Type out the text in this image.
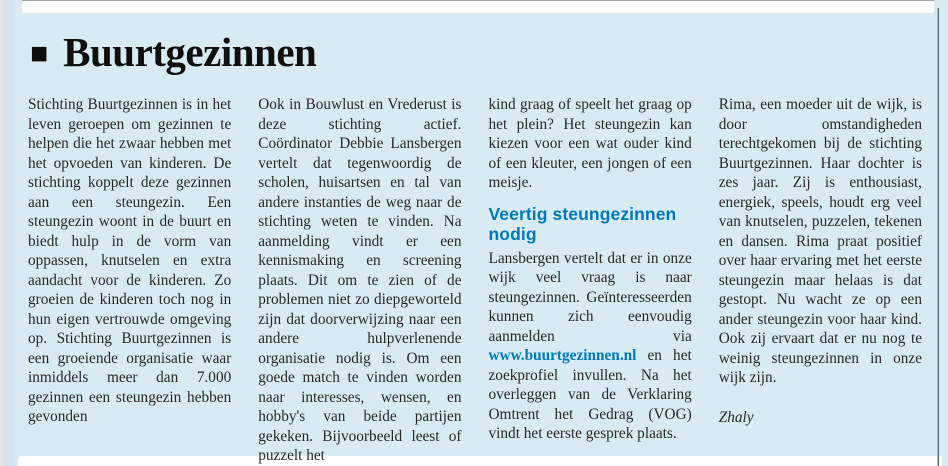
■ Buurtgezinnen

Stichting Buurtgezinnen is in het leven geroepen om gezinnen te helpen die het zwaar hebben met het opvoeden van kinderen. De stichting koppelt deze gezinnen aan een steungezin. Een steungezin woont in de buurt en biedt hulp in de vorm van oppassen, knutselen en extra aandacht voor de kinderen. Zo groeien de kinderen toch nog in hun eigen vertrouwde omgeving op. Stichting Buurtgezinnen is een groeiende organisatie waar inmiddels meer dan 7.000 gezinnen een steungezin hebben gevonden

Ook in Bouwlust en Vrederust is deze stichting actief. Coördinator Debbie Lansbergen vertelt dat tegenwoordig de scholen, huisartsen en tal van andere instanties de weg naar de stichting weten te vinden. Na aanmelding vindt er een kennismaking en screening plaats. Dit om te zien of de problemen niet zo diepgeworteld zijn dat doorverwijzing naar een andere hulpverlenende organisatie nodig is. Om een goede match te vinden worden naar interesses, wensen, en hobby's van beide partijen gekeken. Bijvoorbeeld leest of puzzelt het

kind graag of speelt het graag op het plein? Het steungezin kan kiezen voor een wat ouder kind of een kleuter, een jongen of een meisje.

Veertig steungezinnen nodig

Lansbergen vertelt dat er in onze wijk veel vraag is naar steungezinnen. Geïnteresseerden kunnen zich eenvoudig aanmelden via www.buurtgezinnen.nl en het zoekprofiel invullen. Na het overleggen van de Verklaring Omtrent het Gedrag (VOG) vindt het eerste gesprek plaats.

Rima, een moeder uit de wijk, is door omstandigheden terechtgekomen bij de stichting Buurtgezinnen. Haar dochter is zes jaar. Zij is enthousiast, energiek, speels, houdt erg veel van knutselen, puzzelen, tekenen en dansen. Rima praat positief over haar ervaring met het eerste steungezin maar helaas is dat gestopt. Nu wacht ze op een ander steungezin voor haar kind. Ook zij ervaart dat er nu nog te weinig steungezinnen in onze wijk zijn.

Zhaly
